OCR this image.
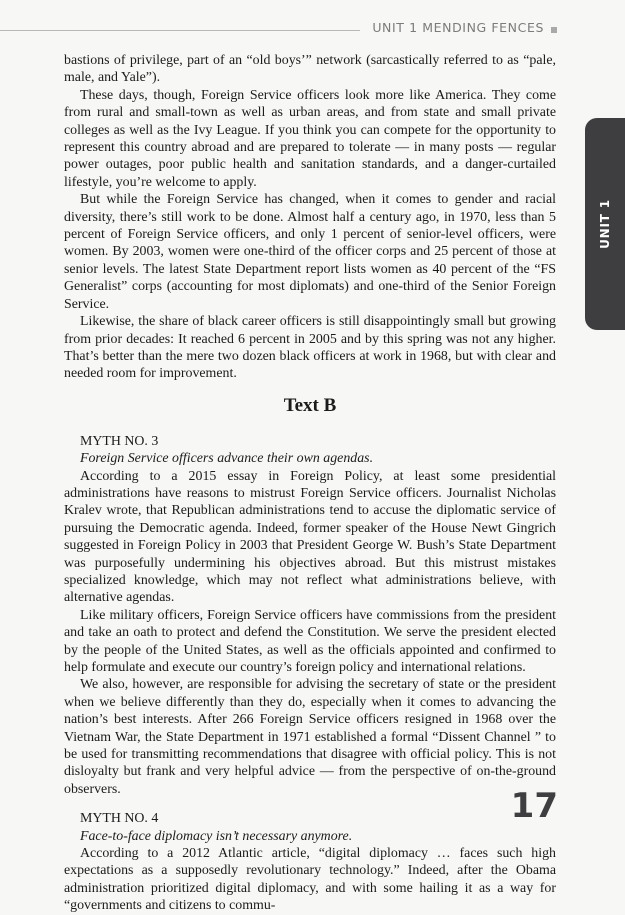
UNIT 1 MENDING FENCES
UNIT 1

bastions of privilege, part of an “old boys’” network (sarcastically referred to as “pale, male, and Yale”).

These days, though, Foreign Service officers look more like America. They come from rural and small-town as well as urban areas, and from state and small private colleges as well as the Ivy League. If you think you can compete for the opportunity to represent this country abroad and are prepared to tolerate — in many posts — regular power outages, poor public health and sanitation standards, and a danger-curtailed lifestyle, you’re welcome to apply.

But while the Foreign Service has changed, when it comes to gender and racial diversity, there’s still work to be done. Almost half a century ago, in 1970, less than 5 percent of Foreign Service officers, and only 1 percent of senior-level officers, were women. By 2003, women were one-third of the officer corps and 25 percent of those at senior levels. The latest State Department report lists women as 40 percent of the “FS Generalist” corps (accounting for most diplomats) and one-third of the Senior Foreign Service.

Likewise, the share of black career officers is still disappointingly small but growing from prior decades: It reached 6 percent in 2005 and by this spring was not any higher. That’s better than the mere two dozen black officers at work in 1968, but with clear and needed room for improvement.

Text B

MYTH NO. 3

Foreign Service officers advance their own agendas.

According to a 2015 essay in Foreign Policy, at least some presidential administrations have reasons to mistrust Foreign Service officers. Journalist Nicholas Kralev wrote, that Republican administrations tend to accuse the diplomatic service of pursuing the Democratic agenda. Indeed, former speaker of the House Newt Gingrich suggested in Foreign Policy in 2003 that President George W. Bush’s State Department was purposefully undermining his objectives abroad. But this mistrust mistakes specialized knowledge, which may not reflect what administrations believe, with alternative agendas.

Like military officers, Foreign Service officers have commissions from the president and take an oath to protect and defend the Constitution. We serve the president elected by the people of the United States, as well as the officials appointed and confirmed to help formulate and execute our country’s foreign policy and international relations.

We also, however, are responsible for advising the secretary of state or the president when we believe differently than they do, especially when it comes to advancing the nation’s best interests. After 266 Foreign Service officers resigned in 1968 over the Vietnam War, the State Department in 1971 established a formal “Dissent Channel ” to be used for transmitting recommendations that disagree with official policy. This is not disloyalty but frank and very helpful advice — from the perspective of on-the-ground observers.

MYTH NO. 4

Face-to-face diplomacy isn’t necessary anymore.

According to a 2012 Atlantic article, “digital diplomacy … faces such high expectations as a supposedly revolutionary technology.” Indeed, after the Obama administration prioritized digital diplomacy, and with some hailing it as a way for “governments and citizens to commu-

17
